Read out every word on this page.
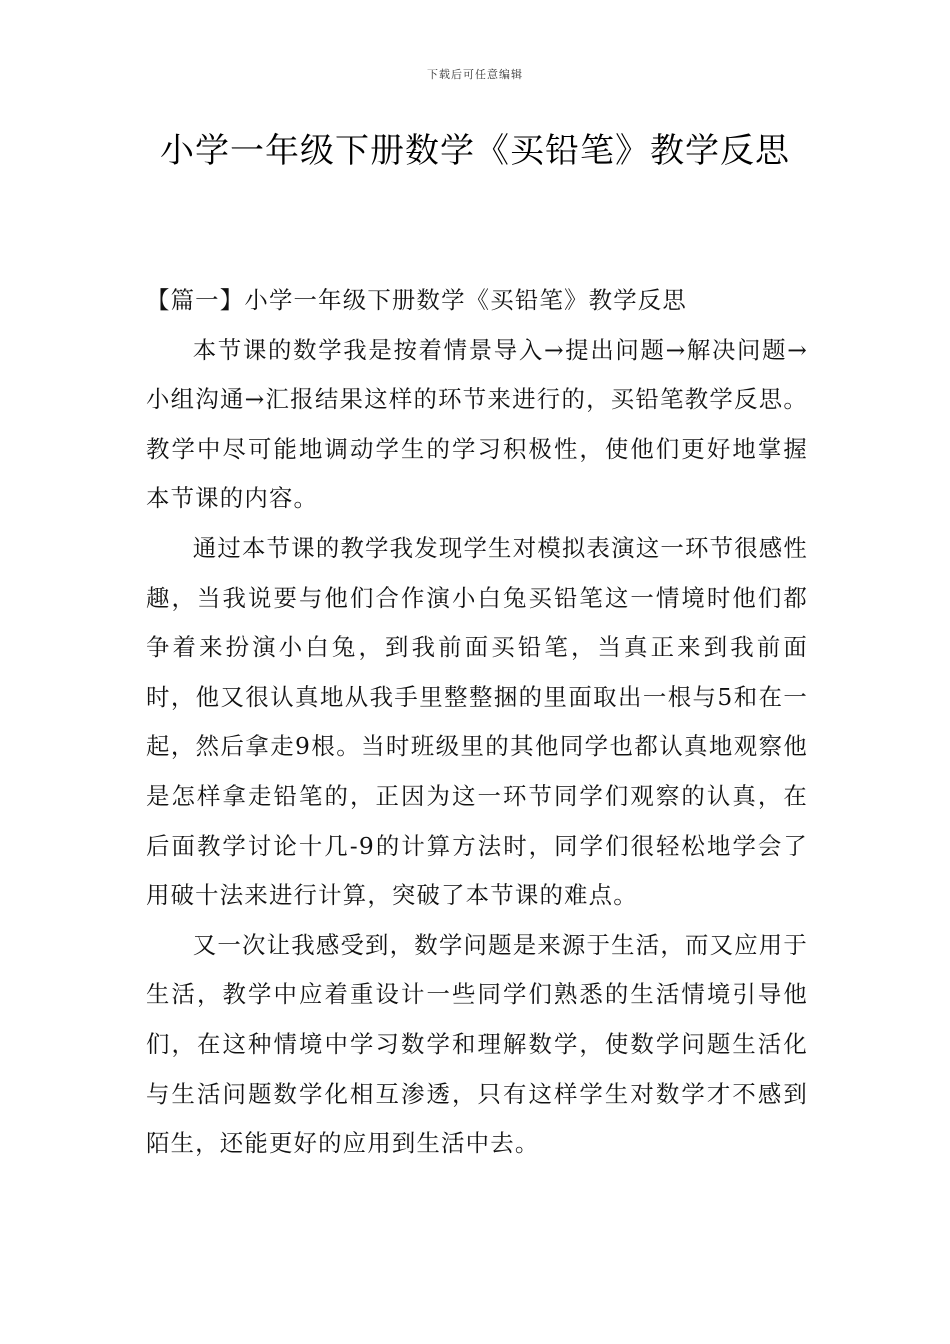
下载后可任意编辑
小学一年级下册数学《买铅笔》教学反思

【篇一】小学一年级下册数学《买铅笔》教学反思

本节课的数学我是按着情景导入→提出问题→解决问题→小组沟通→汇报结果这样的环节来进行的，买铅笔教学反思。教学中尽可能地调动学生的学习积极性，使他们更好地掌握本节课的内容。

通过本节课的教学我发现学生对模拟表演这一环节很感性趣，当我说要与他们合作演小白兔买铅笔这一情境时他们都争着来扮演小白兔，到我前面买铅笔，当真正来到我前面时，他又很认真地从我手里整整捆的里面取出一根与5和在一起，然后拿走9根。当时班级里的其他同学也都认真地观察他是怎样拿走铅笔的，正因为这一环节同学们观察的认真，在后面教学讨论十几-9的计算方法时，同学们很轻松地学会了用破十法来进行计算，突破了本节课的难点。

又一次让我感受到，数学问题是来源于生活，而又应用于生活，教学中应着重设计一些同学们熟悉的生活情境引导他们，在这种情境中学习数学和理解数学，使数学问题生活化与生活问题数学化相互渗透，只有这样学生对数学才不感到陌生，还能更好的应用到生活中去。
